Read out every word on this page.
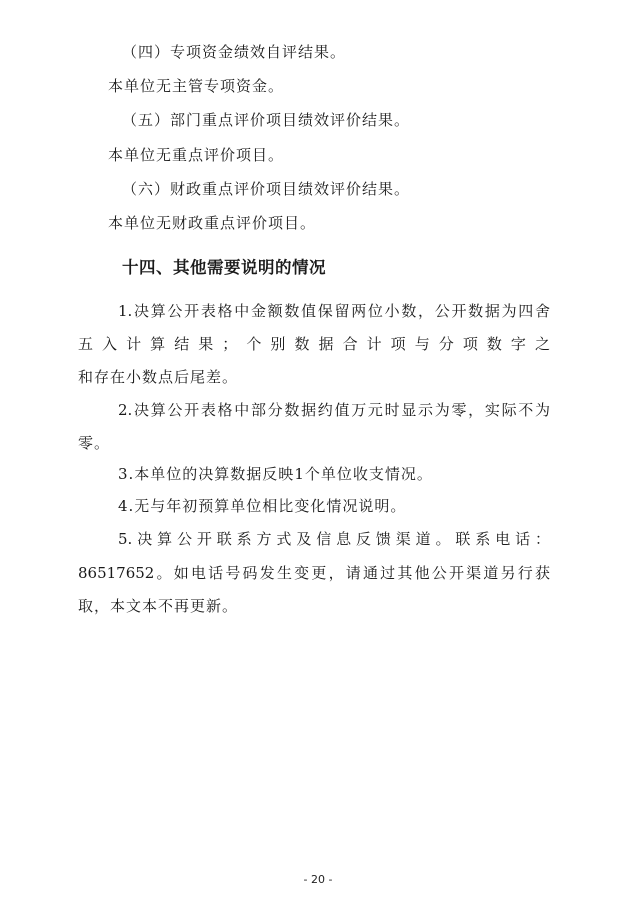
（四）专项资金绩效自评结果。
本单位无主管专项资金。
（五）部门重点评价项目绩效评价结果。
本单位无重点评价项目。
（六）财政重点评价项目绩效评价结果。
本单位无财政重点评价项目。
十四、其他需要说明的情况
1.决算公开表格中金额数值保留两位小数，公开数据为四舍
五入计算结果；个别数据合计项与分项数字之
和存在小数点后尾差。
2.决算公开表格中部分数据约值万元时显示为零，实际不为
零。
3.本单位的决算数据反映1个单位收支情况。
4.无与年初预算单位相比变化情况说明。
5.决算公开联系方式及信息反馈渠道。联系电话：
86517652。如电话号码发生变更，请通过其他公开渠道另行获
取，本文本不再更新。
- 20 -
